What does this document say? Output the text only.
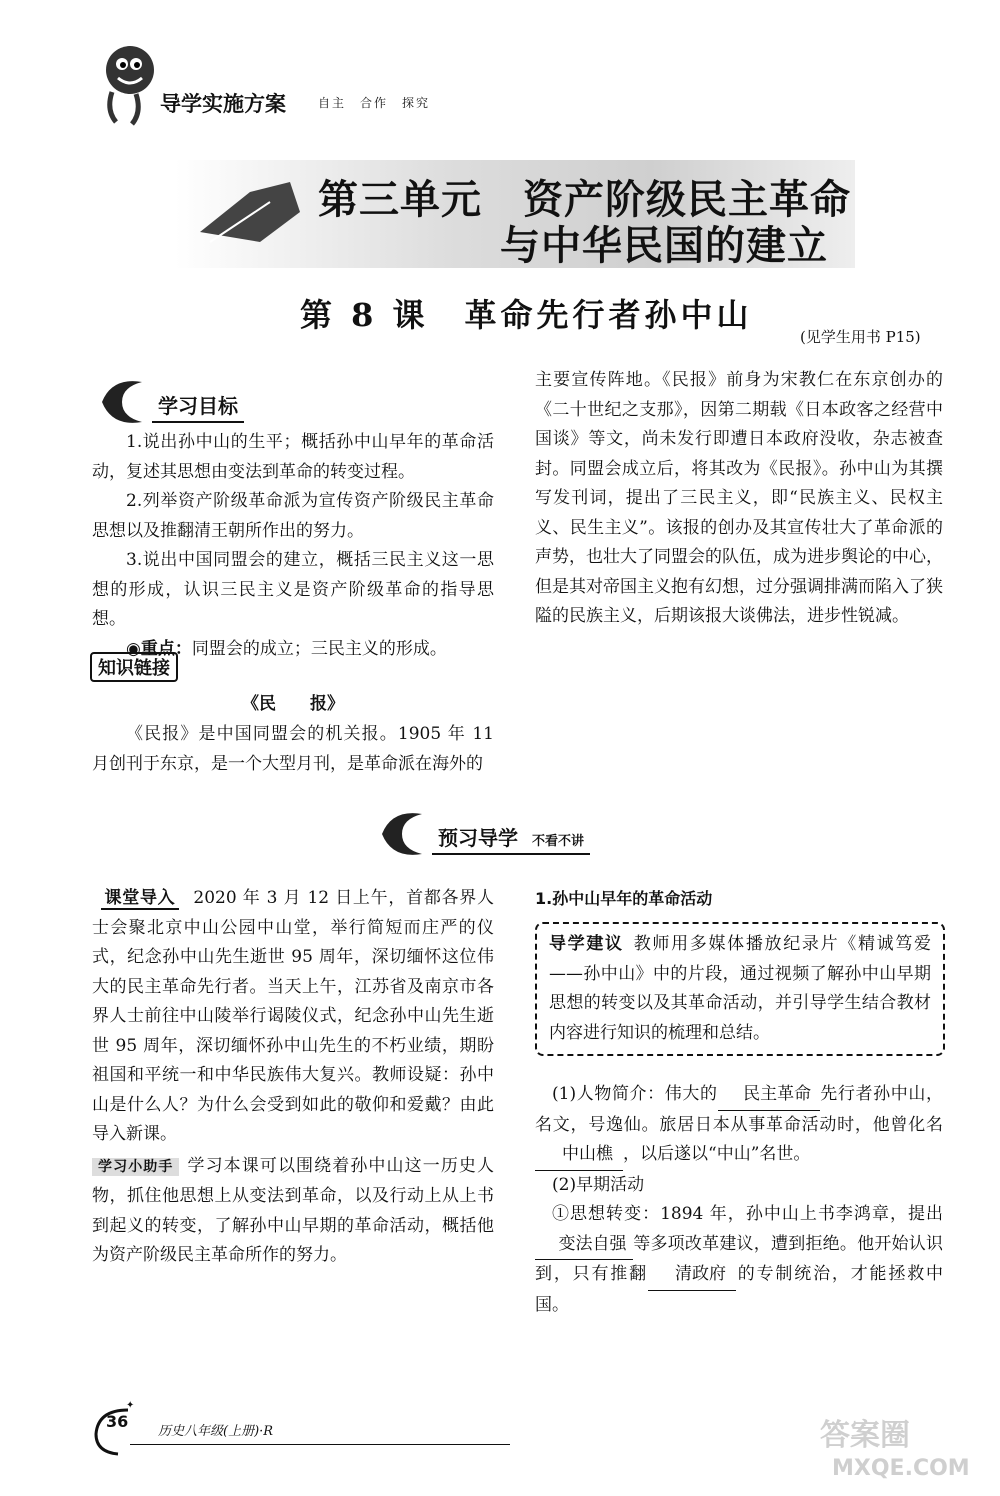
导学实施方案	自主 合作 探究
第三单元　资产阶级民主革命
与中华民国的建立
第 8 课　革命先行者孙中山
(见学生用书 P15)
学习目标

1.说出孙中山的生平；概括孙中山早年的革命活动，复述其思想由变法到革命的转变过程。

2.列举资产阶级革命派为宣传资产阶级民主革命思想以及推翻清王朝所作出的努力。

3.说出中国同盟会的建立，概括三民主义这一思想的形成，认识三民主义是资产阶级革命的指导思想。

◉重点：同盟会的成立；三民主义的形成。

知识链接
《民　　报》
《民报》是中国同盟会的机关报。1905 年 11 月创刊于东京，是一个大型月刊，是革命派在海外的
主要宣传阵地。《民报》前身为宋教仁在东京创办的《二十世纪之支那》，因第二期载《日本政客之经营中国谈》等文，尚未发行即遭日本政府没收，杂志被查封。同盟会成立后，将其改为《民报》。孙中山为其撰写发刊词，提出了三民主义，即“民族主义、民权主义、民生主义”。该报的创办及其宣传壮大了革命派的声势，也壮大了同盟会的队伍，成为进步舆论的中心，但是其对帝国主义抱有幻想，过分强调排满而陷入了狭隘的民族主义，后期该报大谈佛法，进步性锐减。
预习导学 不看不讲

课堂导入 2020 年 3 月 12 日上午，首都各界人士会聚北京中山公园中山堂，举行简短而庄严的仪式，纪念孙中山先生逝世 95 周年，深切缅怀这位伟大的民主革命先行者。当天上午，江苏省及南京市各界人士前往中山陵举行谒陵仪式，纪念孙中山先生逝世 95 周年，深切缅怀孙中山先生的不朽业绩，期盼祖国和平统一和中华民族伟大复兴。教师设疑：孙中山是什么人？为什么会受到如此的敬仰和爱戴？由此导入新课。

学习小助手 学习本课可以围绕着孙中山这一历史人物，抓住他思想上从变法到革命，以及行动上从上书到起义的转变，了解孙中山早期的革命活动，概括他为资产阶级民主革命所作的努力。

1.孙中山早年的革命活动
导学建议 教师用多媒体播放纪录片《精诚笃爱——孙中山》中的片段，通过视频了解孙中山早期思想的转变以及其革命活动，并引导学生结合教材内容进行知识的梳理和总结。

(1)人物简介：伟大的 民主革命 先行者孙中山，名文，号逸仙。旅居日本从事革命活动时，他曾化名中山樵 ，以后遂以“中山”名世。

(2)早期活动

①思想转变：1894 年，孙中山上书李鸿章，提出变法自强 等多项改革建议，遭到拒绝。他开始认识到，只有推翻 清政府 的专制统治，才能拯救中国。

✦
36
历史八年级(上册)·R	答案圈
MXQE.COM
